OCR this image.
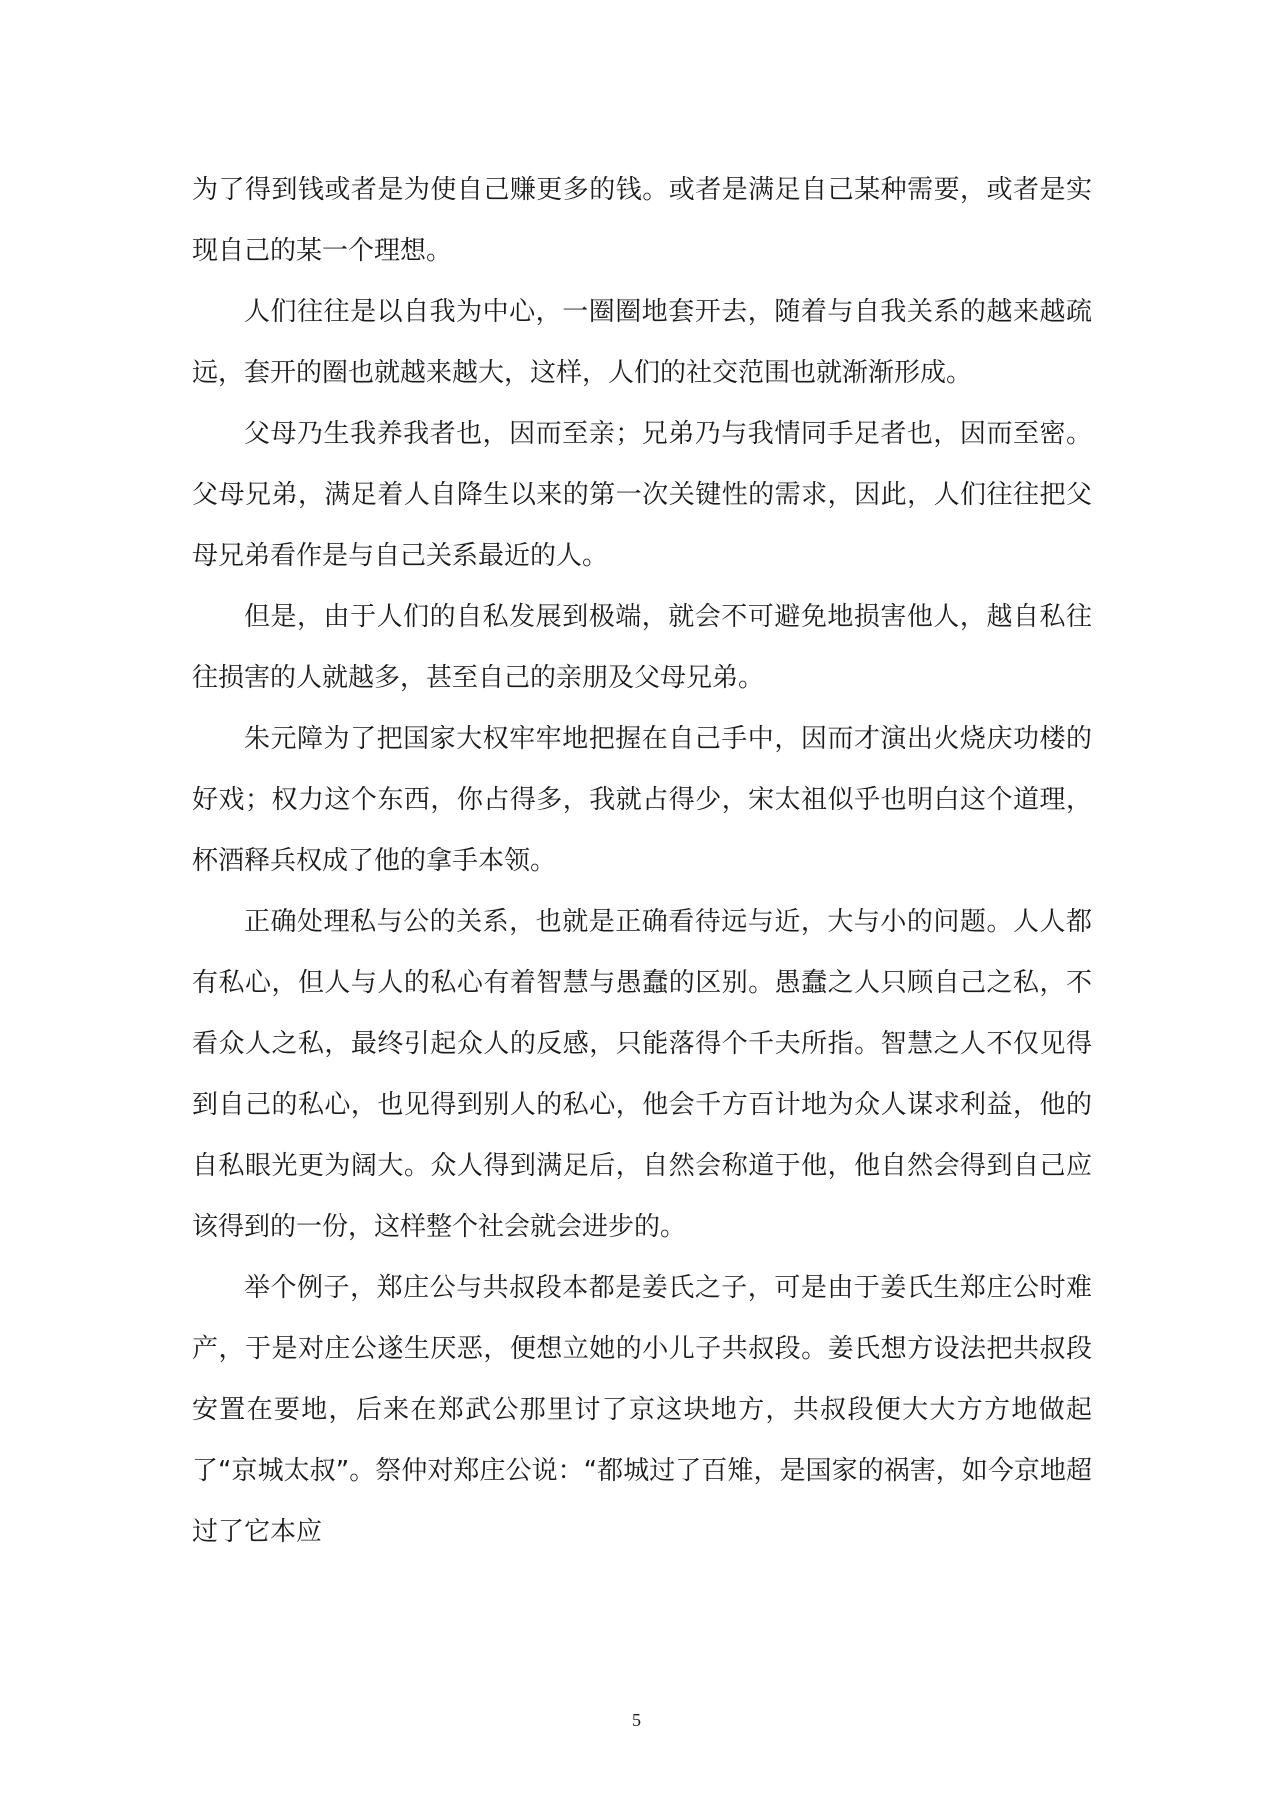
为了得到钱或者是为使自己赚更多的钱。或者是满足自己某种需要，或者是实现自己的某一个理想。

人们往往是以自我为中心，一圈圈地套开去，随着与自我关系的越来越疏远，套开的圈也就越来越大，这样，人们的社交范围也就渐渐形成。

父母乃生我养我者也，因而至亲；兄弟乃与我情同手足者也，因而至密。父母兄弟，满足着人自降生以来的第一次关键性的需求，因此，人们往往把父母兄弟看作是与自己关系最近的人。

但是，由于人们的自私发展到极端，就会不可避免地损害他人，越自私往往损害的人就越多，甚至自己的亲朋及父母兄弟。

朱元障为了把国家大权牢牢地把握在自己手中，因而才演出火烧庆功楼的好戏；权力这个东西，你占得多，我就占得少，宋太祖似乎也明白这个道理，杯酒释兵权成了他的拿手本领。

正确处理私与公的关系，也就是正确看待远与近，大与小的问题。人人都有私心，但人与人的私心有着智慧与愚蠢的区别。愚蠢之人只顾自己之私，不看众人之私，最终引起众人的反感，只能落得个千夫所指。智慧之人不仅见得到自己的私心，也见得到别人的私心，他会千方百计地为众人谋求利益，他的自私眼光更为阔大。众人得到满足后，自然会称道于他，他自然会得到自己应该得到的一份，这样整个社会就会进步的。

举个例子，郑庄公与共叔段本都是姜氏之子，可是由于姜氏生郑庄公时难产，于是对庄公遂生厌恶，便想立她的小儿子共叔段。姜氏想方设法把共叔段安置在要地，后来在郑武公那里讨了京这块地方，共叔段便大大方方地做起了“京城太叔”。祭仲对郑庄公说：“都城过了百雉，是国家的祸害，如今京地超过了它本应

5
